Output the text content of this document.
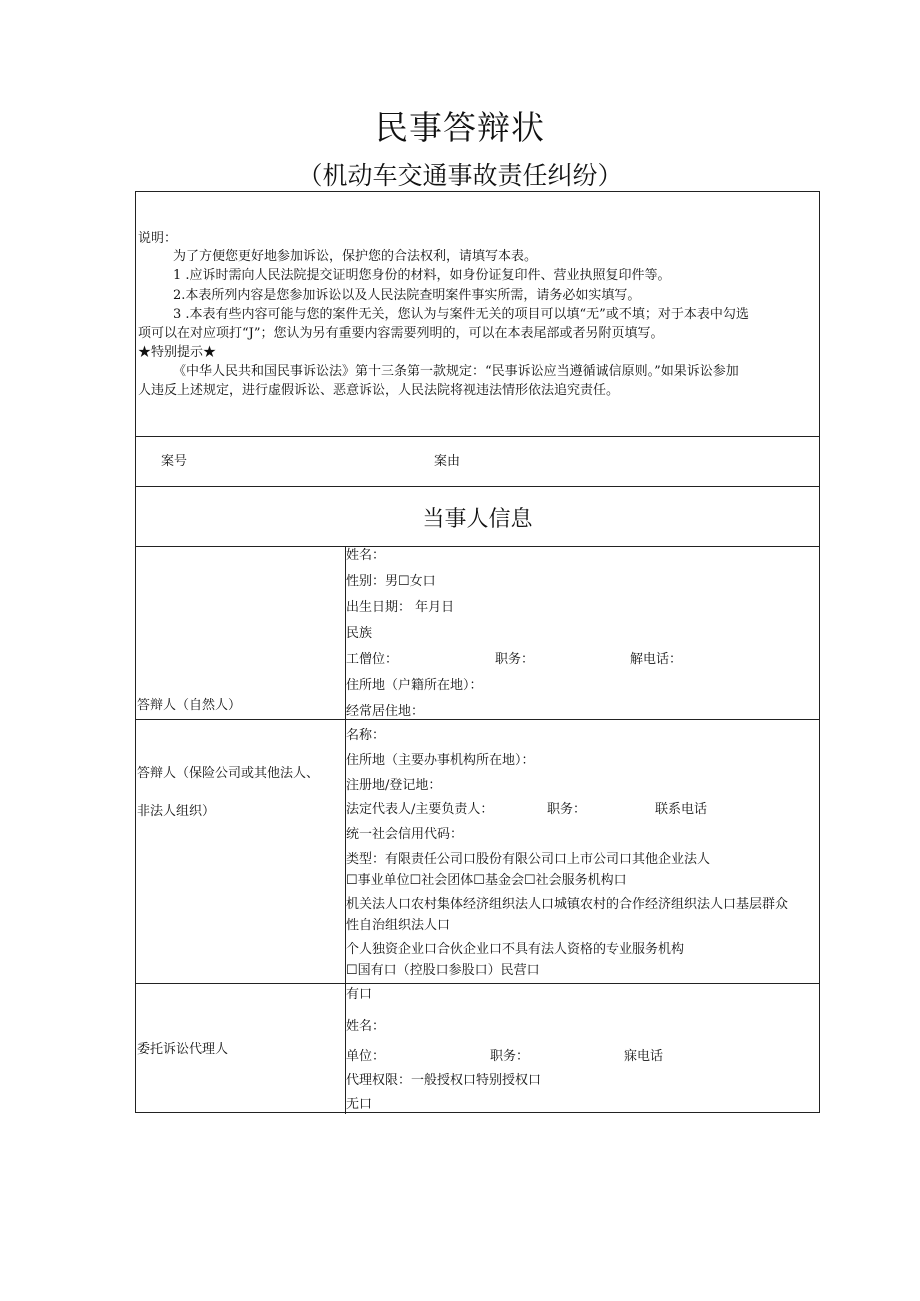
民事答辩状
（机动车交通事故责任纠纷）
说明：
为了方便您更好地参加诉讼，保护您的合法权利，请填写本表。
1 .应诉时需向人民法院提交证明您身份的材料，如身份证复印件、营业执照复印件等。
2.本表所列内容是您参加诉讼以及人民法院查明案件事实所需，请务必如实填写。
3 .本表有些内容可能与您的案件无关，您认为与案件无关的项目可以填“无”或不填；对于本表中勾选
项可以在对应项打“J”；您认为另有重要内容需要列明的，可以在本表尾部或者另附页填写。
★特别提示★
《中华人民共和国民事诉讼法》第十三条第一款规定：“民事诉讼应当遵循诚信原则。”如果诉讼参加
人违反上述规定，进行虚假诉讼、恶意诉讼，人民法院将视违法情形依法追究责任。
案号	案由
当事人信息
答辩人（自然人）
姓名：
性别：男☐女口
出生日期： 年月日
民族
工僧位：	职务：	解电话：
住所地（户籍所在地）：
经常居住地：
答辩人（保险公司或其他法人、
非法人组织）
名称：
住所地（主要办事机构所在地）：
注册地/登记地：
法定代表人/主要负责人：	职务：	联系电话
统一社会信用代码：
类型：有限责任公司口股份有限公司口上市公司口其他企业法人
☐事业单位☐社会团体☐基金会☐社会服务机构口
机关法人口农村集体经济组织法人口城镇农村的合作经济组织法人口基层群众
性自治组织法人口
个人独资企业口合伙企业口不具有法人资格的专业服务机构
☐国有口（控股口参股口）民营口
委托诉讼代理人
有口
姓名：
单位：	职务：	寐电话
代理权限：一般授权口特别授权口
无口
